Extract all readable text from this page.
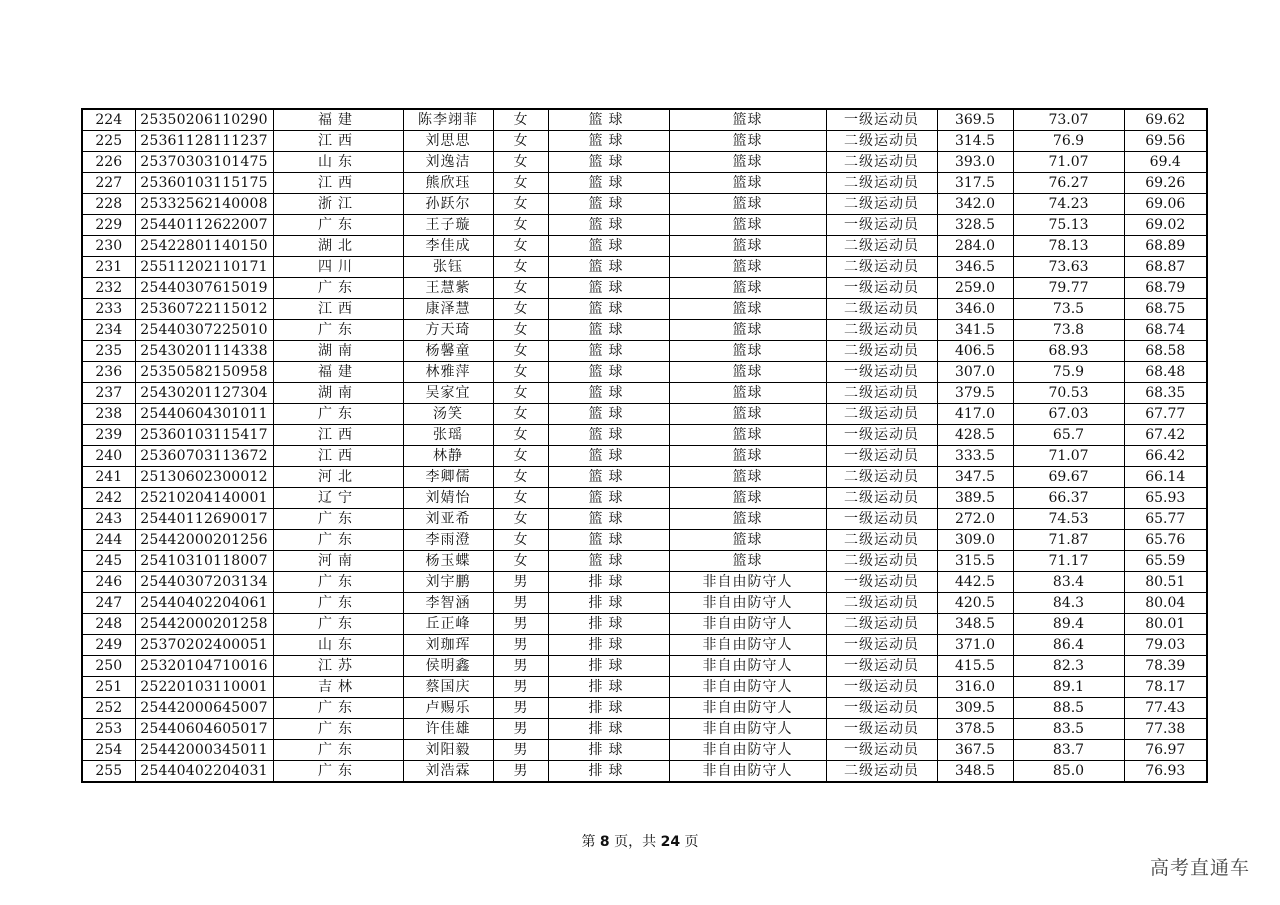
224	25350206110290	福建	陈李翊菲	女	篮球	篮球	一级运动员	369.5	73.07	69.62
225	25361128111237	江西	刘思思	女	篮球	篮球	二级运动员	314.5	76.9	69.56
226	25370303101475	山东	刘逸洁	女	篮球	篮球	二级运动员	393.0	71.07	69.4
227	25360103115175	江西	熊欣珏	女	篮球	篮球	二级运动员	317.5	76.27	69.26
228	25332562140008	浙江	孙跃尔	女	篮球	篮球	二级运动员	342.0	74.23	69.06
229	25440112622007	广东	王子璇	女	篮球	篮球	一级运动员	328.5	75.13	69.02
230	25422801140150	湖北	李佳成	女	篮球	篮球	二级运动员	284.0	78.13	68.89
231	25511202110171	四川	张钰	女	篮球	篮球	二级运动员	346.5	73.63	68.87
232	25440307615019	广东	王慧紫	女	篮球	篮球	一级运动员	259.0	79.77	68.79
233	25360722115012	江西	康泽慧	女	篮球	篮球	二级运动员	346.0	73.5	68.75
234	25440307225010	广东	方天琦	女	篮球	篮球	二级运动员	341.5	73.8	68.74
235	25430201114338	湖南	杨馨童	女	篮球	篮球	二级运动员	406.5	68.93	68.58
236	25350582150958	福建	林雅萍	女	篮球	篮球	一级运动员	307.0	75.9	68.48
237	25430201127304	湖南	吴家宜	女	篮球	篮球	二级运动员	379.5	70.53	68.35
238	25440604301011	广东	汤笑	女	篮球	篮球	二级运动员	417.0	67.03	67.77
239	25360103115417	江西	张瑶	女	篮球	篮球	一级运动员	428.5	65.7	67.42
240	25360703113672	江西	林静	女	篮球	篮球	一级运动员	333.5	71.07	66.42
241	25130602300012	河北	李卿儒	女	篮球	篮球	二级运动员	347.5	69.67	66.14
242	25210204140001	辽宁	刘婧怡	女	篮球	篮球	二级运动员	389.5	66.37	65.93
243	25440112690017	广东	刘亚希	女	篮球	篮球	一级运动员	272.0	74.53	65.77
244	25442000201256	广东	李雨澄	女	篮球	篮球	二级运动员	309.0	71.87	65.76
245	25410310118007	河南	杨玉蝶	女	篮球	篮球	二级运动员	315.5	71.17	65.59
246	25440307203134	广东	刘宇鹏	男	排球	非自由防守人	一级运动员	442.5	83.4	80.51
247	25440402204061	广东	李智涵	男	排球	非自由防守人	二级运动员	420.5	84.3	80.04
248	25442000201258	广东	丘正峰	男	排球	非自由防守人	二级运动员	348.5	89.4	80.01
249	25370202400051	山东	刘珈珲	男	排球	非自由防守人	一级运动员	371.0	86.4	79.03
250	25320104710016	江苏	侯明鑫	男	排球	非自由防守人	一级运动员	415.5	82.3	78.39
251	25220103110001	吉林	蔡国庆	男	排球	非自由防守人	一级运动员	316.0	89.1	78.17
252	25442000645007	广东	卢赐乐	男	排球	非自由防守人	一级运动员	309.5	88.5	77.43
253	25440604605017	广东	许佳雄	男	排球	非自由防守人	一级运动员	378.5	83.5	77.38
254	25442000345011	广东	刘阳毅	男	排球	非自由防守人	一级运动员	367.5	83.7	76.97
255	25440402204031	广东	刘浩霖	男	排球	非自由防守人	二级运动员	348.5	85.0	76.93
第 8 页，共 24 页
高考直通车
